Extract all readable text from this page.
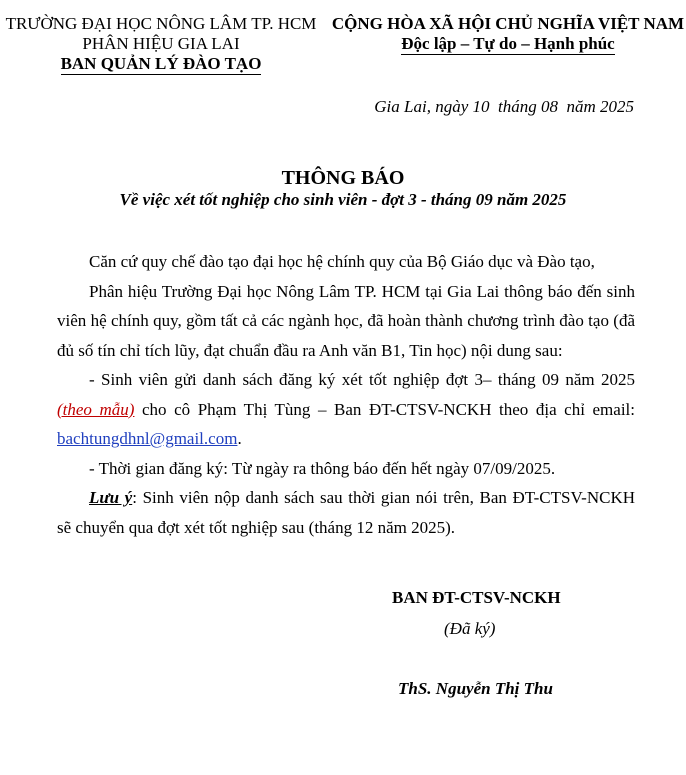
TRƯỜNG ĐẠI HỌC NÔNG LÂM TP. HCM
PHÂN HIỆU GIA LAI
BAN QUẢN LÝ ĐÀO TẠO
CỘNG HÒA XÃ HỘI CHỦ NGHĨA VIỆT NAM
Độc lập – Tự do – Hạnh phúc
Gia Lai, ngày 10  tháng 08  năm 2025
THÔNG BÁO
Về việc xét tốt nghiệp cho sinh viên - đợt 3 - tháng 09 năm 2025

Căn cứ quy chế đào tạo đại học hệ chính quy của Bộ Giáo dục và Đào tạo,

Phân hiệu Trường Đại học Nông Lâm TP. HCM tại Gia Lai thông báo đến sinh viên hệ chính quy, gồm tất cả các ngành học, đã hoàn thành chương trình đào tạo (đã đủ số tín chỉ tích lũy, đạt chuẩn đầu ra Anh văn B1, Tin học) nội dung sau:

- Sinh viên gửi danh sách đăng ký xét tốt nghiệp đợt 3– tháng 09 năm 2025 (theo mẫu) cho cô Phạm Thị Tùng – Ban ĐT-CTSV-NCKH theo địa chỉ email: bachtungdhnl@gmail.com.

- Thời gian đăng ký: Từ ngày ra thông báo đến hết ngày 07/09/2025.

Lưu ý: Sinh viên nộp danh sách sau thời gian nói trên, Ban ĐT-CTSV-NCKH sẽ chuyển qua đợt xét tốt nghiệp sau (tháng 12 năm 2025).

BAN ĐT-CTSV-NCKH
(Đã ký)
ThS. Nguyễn Thị Thu
